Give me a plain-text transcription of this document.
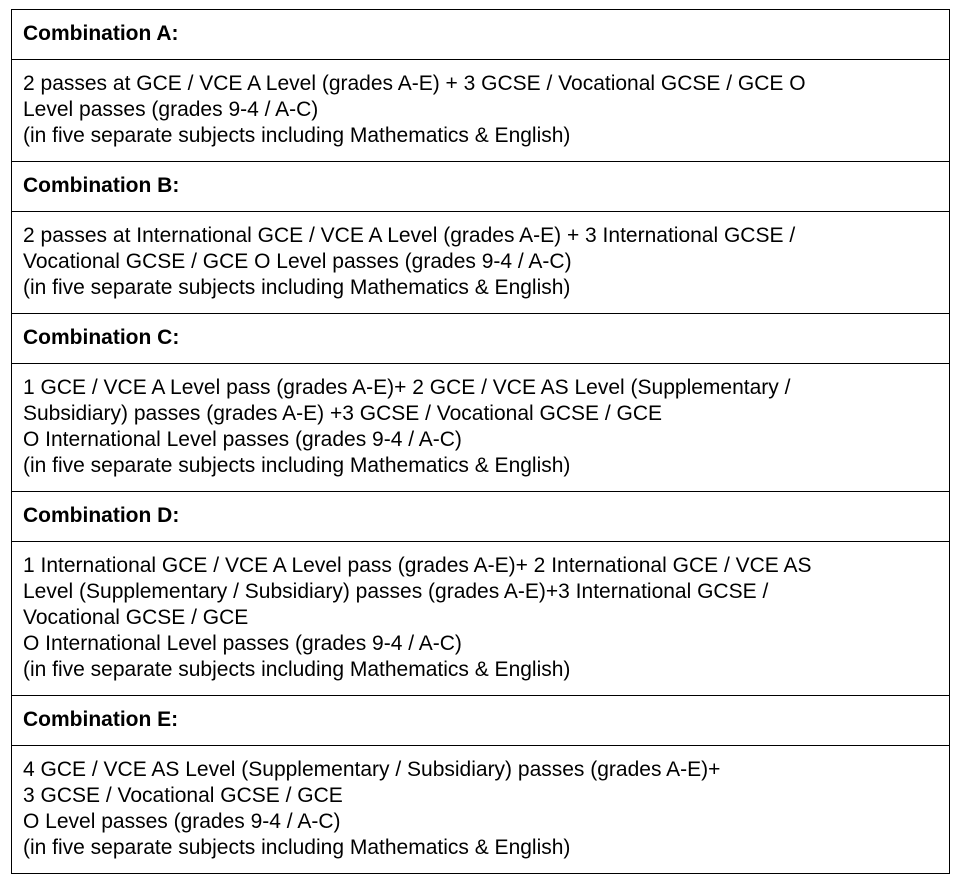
Combination A:

2 passes at GCE / VCE A Level (grades A-E) + 3 GCSE / Vocational GCSE / GCE O
Level passes (grades 9-4 / A-C)
(in five separate subjects including Mathematics & English)

Combination B:

2 passes at International GCE / VCE A Level (grades A-E) + 3 International GCSE /
Vocational GCSE / GCE O Level passes (grades 9-4 / A-C)
(in five separate subjects including Mathematics & English)

Combination C:

1 GCE / VCE A Level pass (grades A-E)+ 2 GCE / VCE AS Level (Supplementary /
Subsidiary) passes (grades A-E) +3 GCSE / Vocational GCSE / GCE
O International Level passes (grades 9-4 / A-C)
(in five separate subjects including Mathematics & English)

Combination D:

1 International GCE / VCE A Level pass (grades A-E)+ 2 International GCE / VCE AS
Level (Supplementary / Subsidiary) passes (grades A-E)+3 International GCSE /
Vocational GCSE / GCE
O International Level passes (grades 9-4 / A-C)
(in five separate subjects including Mathematics & English)

Combination E:

4 GCE / VCE AS Level (Supplementary / Subsidiary) passes (grades A-E)+
3 GCSE / Vocational GCSE / GCE
O Level passes (grades 9-4 / A-C)
(in five separate subjects including Mathematics & English)
